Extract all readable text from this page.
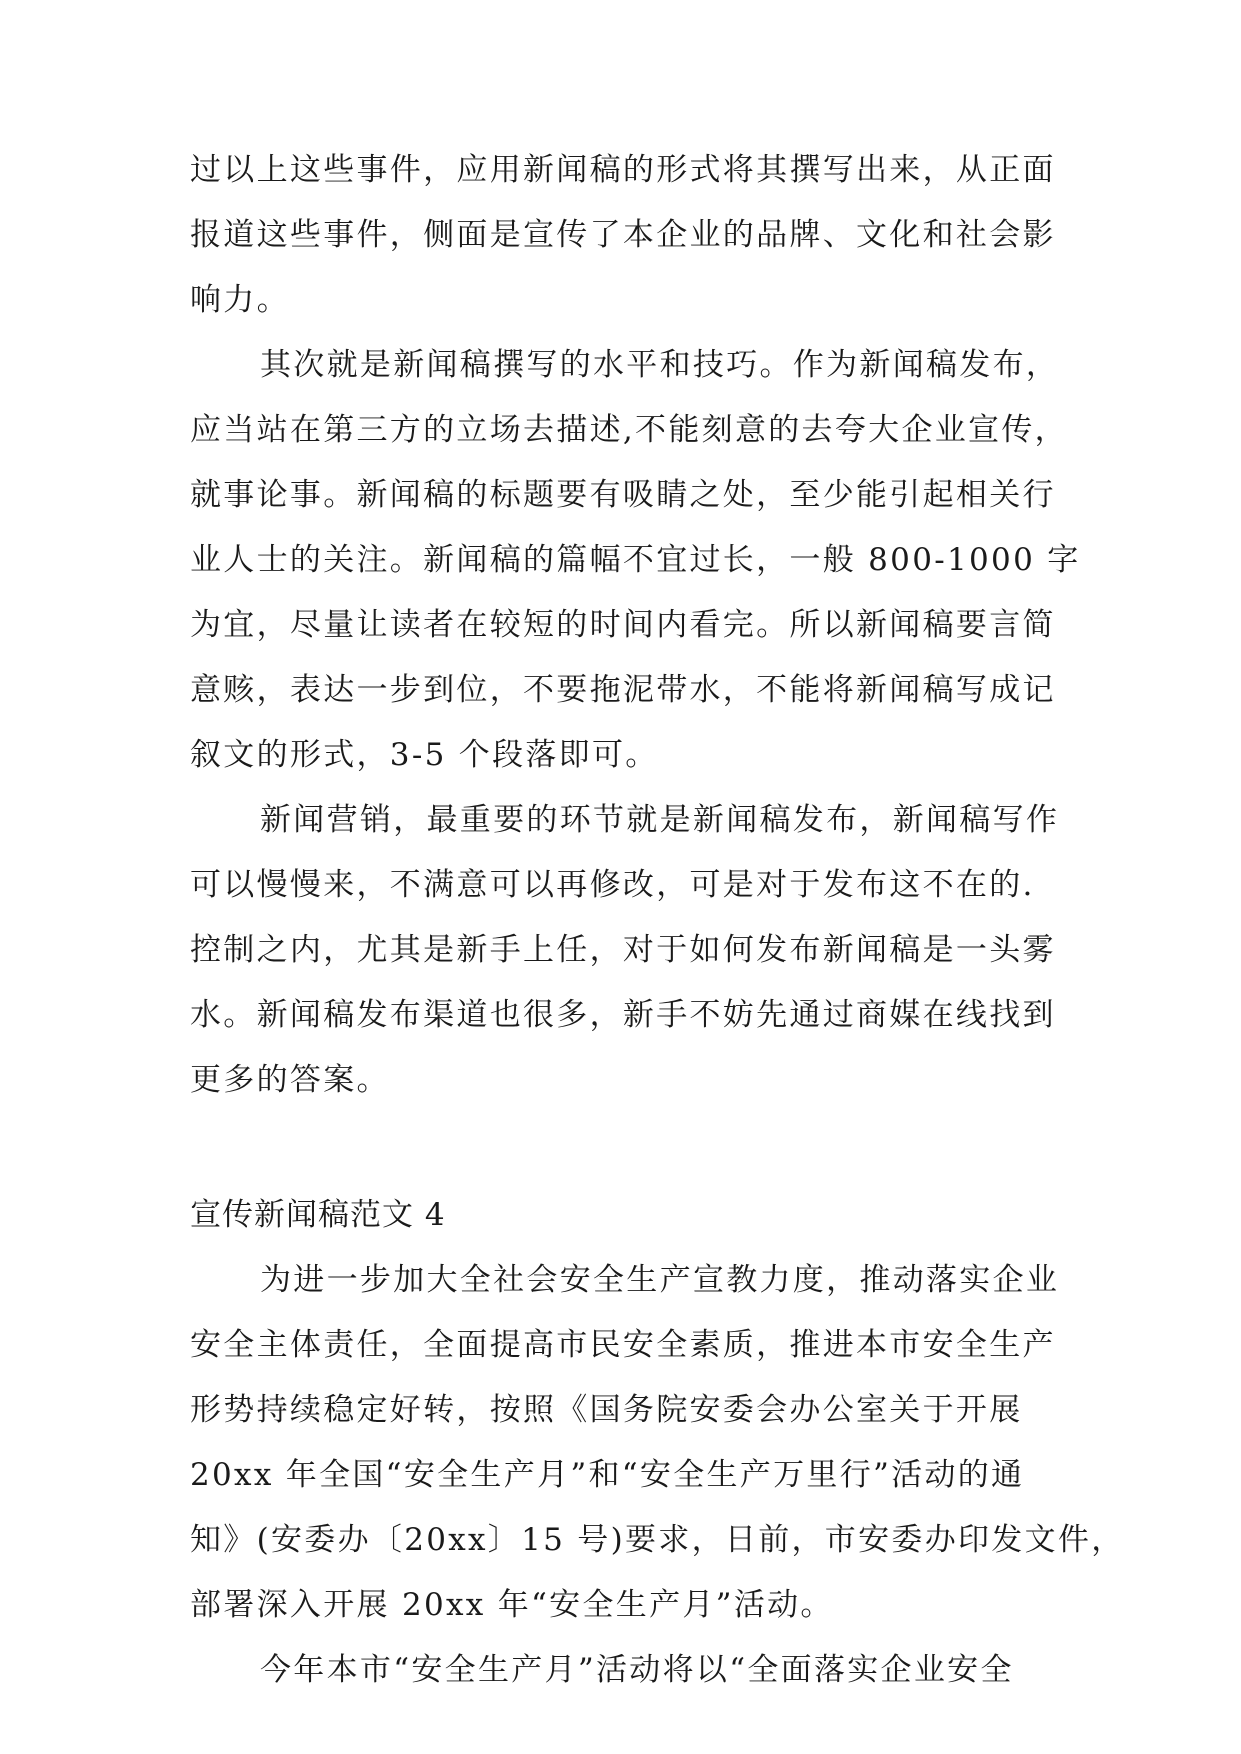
过以上这些事件，应用新闻稿的形式将其撰写出来，从正面
报道这些事件，侧面是宣传了本企业的品牌、文化和社会影
响力。
其次就是新闻稿撰写的水平和技巧。作为新闻稿发布，
应当站在第三方的立场去描述,不能刻意的去夸大企业宣传，
就事论事。新闻稿的标题要有吸睛之处，至少能引起相关行
业人士的关注。新闻稿的篇幅不宜过长，一般 800-1000 字
为宜，尽量让读者在较短的时间内看完。所以新闻稿要言简
意赅，表达一步到位，不要拖泥带水，不能将新闻稿写成记
叙文的形式，3-5 个段落即可。
新闻营销，最重要的环节就是新闻稿发布，新闻稿写作
可以慢慢来，不满意可以再修改，可是对于发布这不在的.
控制之内，尤其是新手上任，对于如何发布新闻稿是一头雾
水。新闻稿发布渠道也很多，新手不妨先通过商媒在线找到
更多的答案。
宣传新闻稿范文 4
为进一步加大全社会安全生产宣教力度，推动落实企业
安全主体责任，全面提高市民安全素质，推进本市安全生产
形势持续稳定好转，按照《国务院安委会办公室关于开展
20xx 年全国“安全生产月”和“安全生产万里行”活动的通
知》(安委办〔20xx〕15 号)要求，日前，市安委办印发文件，
部署深入开展 20xx 年“安全生产月”活动。
今年本市“安全生产月”活动将以“全面落实企业安全
